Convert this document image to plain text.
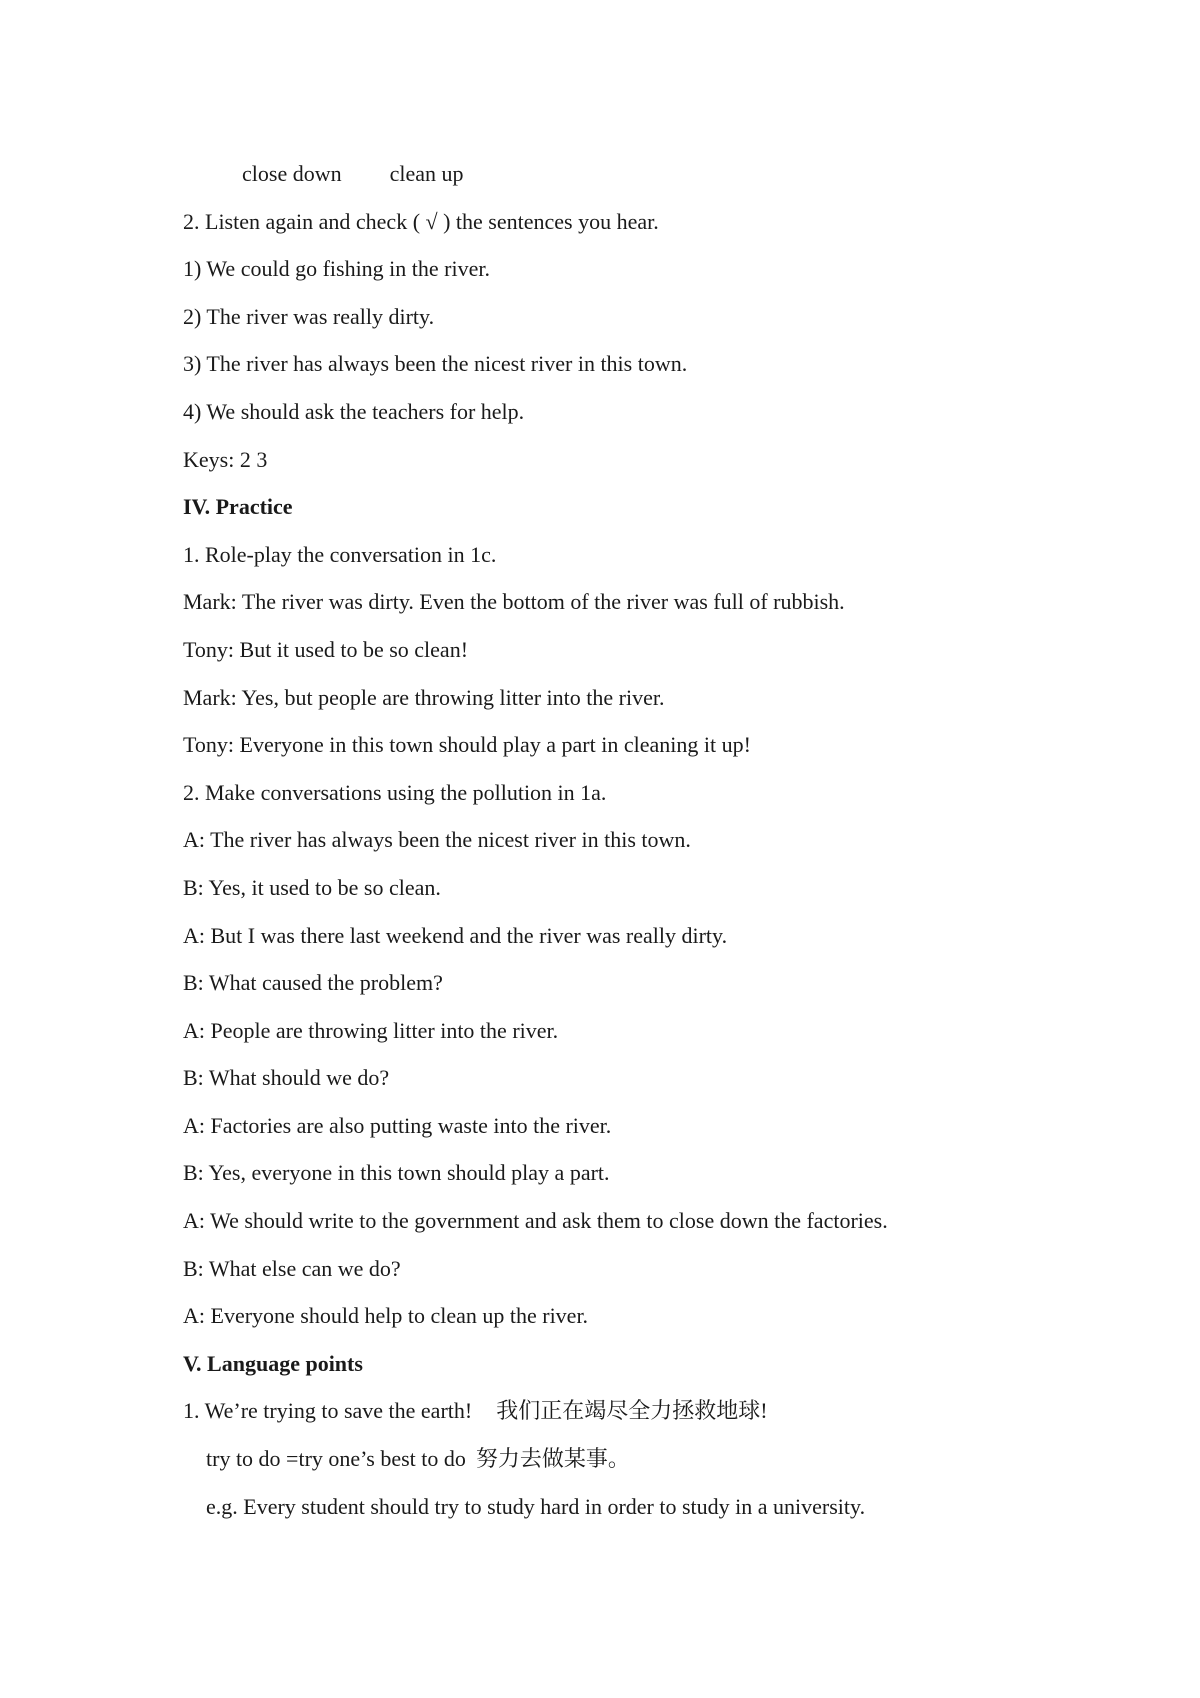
close down clean up

2. Listen again and check ( √ ) the sentences you hear.

1) We could go fishing in the river.

2) The river was really dirty.

3) The river has always been the nicest river in this town.

4) We should ask the teachers for help.

Keys: 2 3

IV. Practice

1. Role-play the conversation in 1c.

Mark: The river was dirty. Even the bottom of the river was full of rubbish.

Tony: But it used to be so clean!

Mark: Yes, but people are throwing litter into the river.

Tony: Everyone in this town should play a part in cleaning it up!

2. Make conversations using the pollution in 1a.

A: The river has always been the nicest river in this town.

B: Yes, it used to be so clean.

A: But I was there last weekend and the river was really dirty.

B: What caused the problem?

A: People are throwing litter into the river.

B: What should we do?

A: Factories are also putting waste into the river.

B: Yes, everyone in this town should play a part.

A: We should write to the government and ask them to close down the factories.

B: What else can we do?

A: Everyone should help to clean up the river.

V. Language points

1. We’re trying to save the earth! 我们正在竭尽全力拯救地球!

try to do =try one’s best to do 努力去做某事。

e.g. Every student should try to study hard in order to study in a university.
